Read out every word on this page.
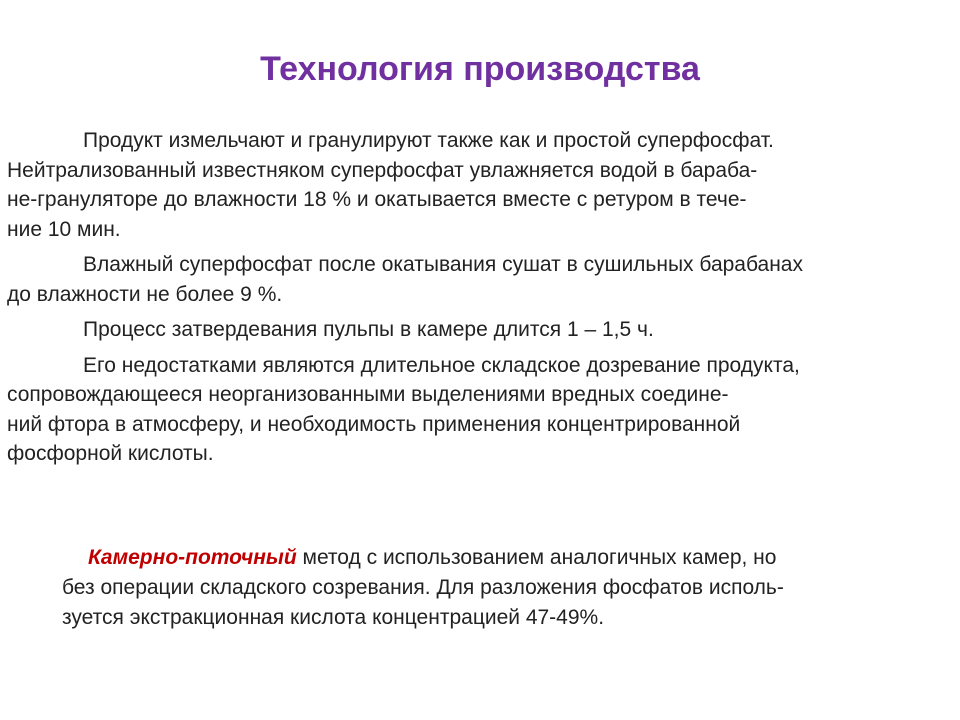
Технология производства

Продукт измельчают и гранулируют также как и простой суперфосфат.
Нейтрализованный известняком суперфосфат увлажняется водой в бараба-
не-грануляторе до влажности 18 % и окатывается вместе с ретуром в тече-
ние 10 мин.

Влажный суперфосфат после окатывания сушат в сушильных барабанах
до влажности не более 9 %.

Процесс затвердевания пульпы в камере длится 1 – 1,5 ч.

Его недостатками являются длительное складское дозревание продукта,
сопровождающееся неорганизованными выделениями вредных соедине-
ний фтора в атмосферу, и необходимость применения концентрированной
фосфорной кислоты.

Камерно-поточный метод с использованием аналогичных камер, но

без операции складского созревания. Для разложения фосфатов исполь-

зуется экстракционная кислота концентрацией 47-49%.
